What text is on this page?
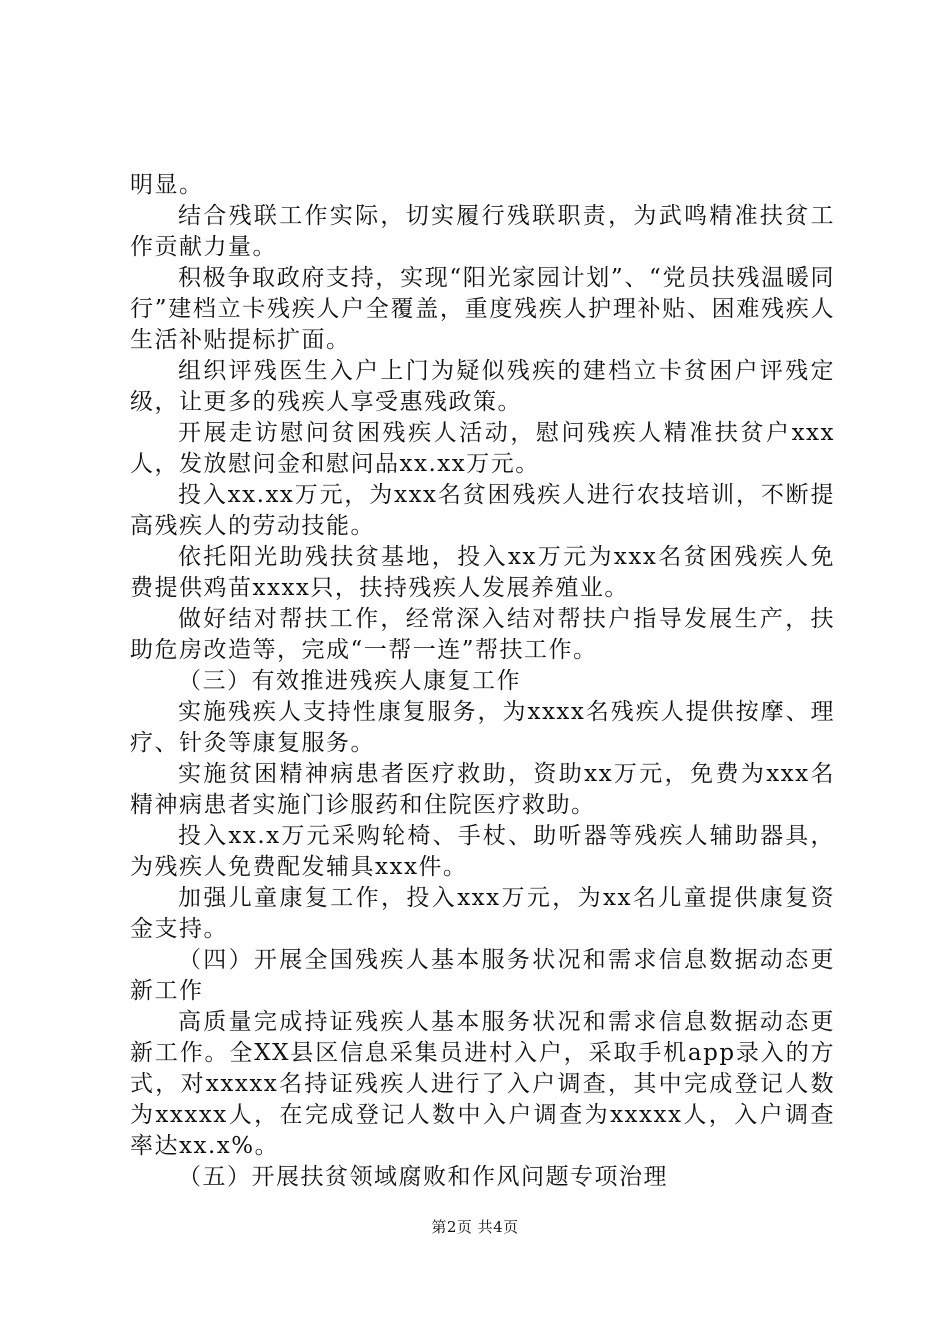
明显。

结合残联工作实际，切实履行残联职责，为武鸣精准扶贫工作贡献力量。

积极争取政府支持，实现“阳光家园计划”、“党员扶残温暖同行”建档立卡残疾人户全覆盖，重度残疾人护理补贴、困难残疾人生活补贴提标扩面。

组织评残医生入户上门为疑似残疾的建档立卡贫困户评残定级，让更多的残疾人享受惠残政策。

开展走访慰问贫困残疾人活动，慰问残疾人精准扶贫户xxx人，发放慰问金和慰问品xx.xx万元。

投入xx.xx万元，为xxx名贫困残疾人进行农技培训，不断提高残疾人的劳动技能。

依托阳光助残扶贫基地，投入xx万元为xxx名贫困残疾人免费提供鸡苗xxxx只，扶持残疾人发展养殖业。

做好结对帮扶工作，经常深入结对帮扶户指导发展生产，扶助危房改造等，完成“一帮一连”帮扶工作。

（三）有效推进残疾人康复工作

实施残疾人支持性康复服务，为xxxx名残疾人提供按摩、理疗、针灸等康复服务。

实施贫困精神病患者医疗救助，资助xx万元，免费为xxx名精神病患者实施门诊服药和住院医疗救助。

投入xx.x万元采购轮椅、手杖、助听器等残疾人辅助器具，为残疾人免费配发辅具xxx件。

加强儿童康复工作，投入xxx万元，为xx名儿童提供康复资金支持。

（四）开展全国残疾人基本服务状况和需求信息数据动态更新工作

高质量完成持证残疾人基本服务状况和需求信息数据动态更新工作。全XX县区信息采集员进村入户，采取手机app录入的方式，对xxxxx名持证残疾人进行了入户调查，其中完成登记人数为xxxxx人，在完成登记人数中入户调查为xxxxx人，入户调查率达xx.x%。

（五）开展扶贫领域腐败和作风问题专项治理

第2页 共4页
